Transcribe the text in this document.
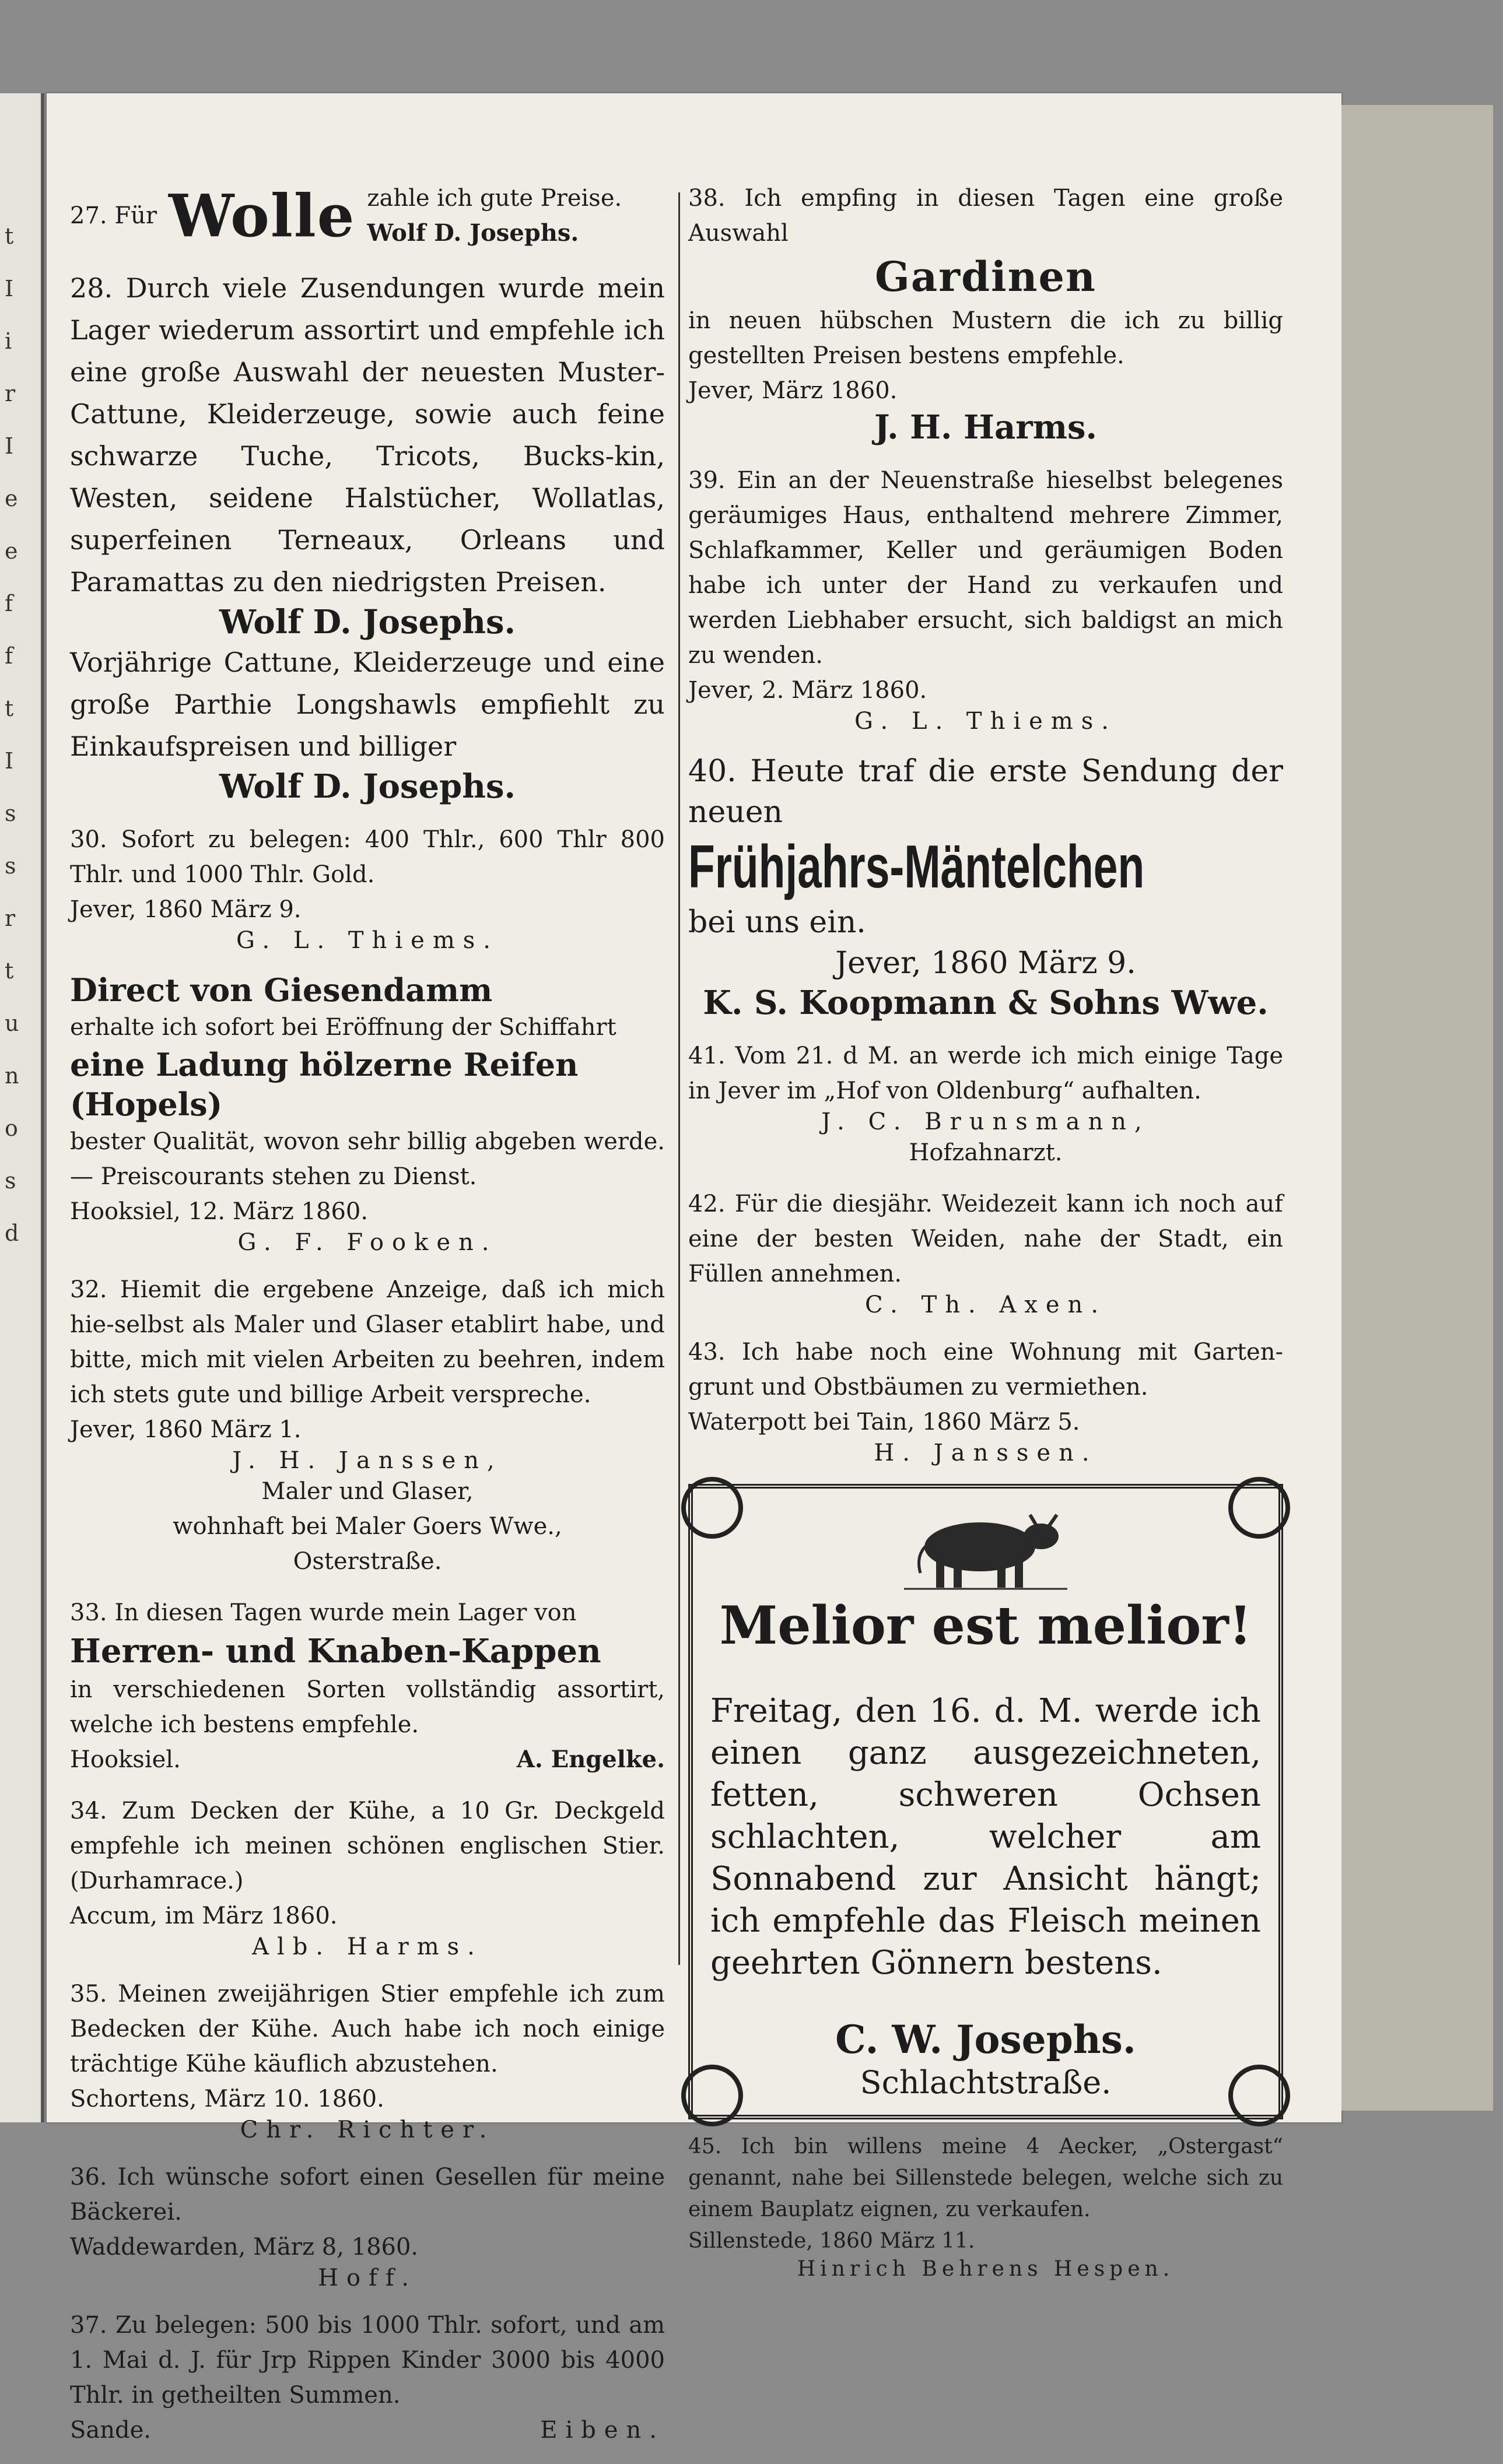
t
I
i
r
I
e
e
f
f
t
I
s
s
r
t
u
n
o
s
d
27. Für Wolle zahle ich gute Preise.
Wolf D. Josephs.

28. Durch viele Zusendungen wurde mein Lager wiederum assortirt und empfehle ich eine große Auswahl der neuesten Muster-Cattune, Kleiderzeuge, sowie auch feine schwarze Tuche, Tricots, Bucks-kin, Westen, seidene Halstücher, Wollatlas, superfeinen Terneaux, Orleans und Paramattas zu den niedrigsten Preisen.

Wolf D. Josephs.

Vorjährige Cattune, Kleiderzeuge und eine große Parthie Longshawls empfiehlt zu Einkaufspreisen und billiger

Wolf D. Josephs.

30. Sofort zu belegen: 400 Thlr., 600 Thlr 800 Thlr. und 1000 Thlr. Gold.

Jever, 1860 März 9.

G. L. Thiems.
Direct von Giesendamm

erhalte ich sofort bei Eröffnung der Schiffahrt

eine Ladung hölzerne Reifen (Hopels)

bester Qualität, wovon sehr billig abgeben werde. — Preiscourants stehen zu Dienst.

Hooksiel, 12. März 1860.

G. F. Fooken.

32. Hiemit die ergebene Anzeige, daß ich mich hie-selbst als Maler und Glaser etablirt habe, und bitte, mich mit vielen Arbeiten zu beehren, indem ich stets gute und billige Arbeit verspreche.

Jever, 1860 März 1.

J. H. Janssen,
Maler und Glaser,
wohnhaft bei Maler Goers Wwe.,
Osterstraße.

33. In diesen Tagen wurde mein Lager von

Herren- und Knaben-Kappen

in verschiedenen Sorten vollständig assortirt, welche ich bestens empfehle.

Hooksiel.	A. Engelke.

34. Zum Decken der Kühe, a 10 Gr. Deckgeld empfehle ich meinen schönen englischen Stier. (Durhamrace.)

Accum, im März 1860.

Alb. Harms.

35. Meinen zweijährigen Stier empfehle ich zum Bedecken der Kühe. Auch habe ich noch einige trächtige Kühe käuflich abzustehen.

Schortens, März 10. 1860.

Chr. Richter.

36. Ich wünsche sofort einen Gesellen für meine Bäckerei.

Waddewarden, März 8, 1860.

Hoff.

37. Zu belegen: 500 bis 1000 Thlr. sofort, und am 1. Mai d. J. für Jrp Rippen Kinder 3000 bis 4000 Thlr. in getheilten Summen.

Sande.	Eiben.

38. Ich empfing in diesen Tagen eine große Auswahl

Gardinen

in neuen hübschen Mustern die ich zu billig gestellten Preisen bestens empfehle.

Jever, März 1860.

J. H. Harms.

39. Ein an der Neuenstraße hieselbst belegenes geräumiges Haus, enthaltend mehrere Zimmer, Schlafkammer, Keller und geräumigen Boden habe ich unter der Hand zu verkaufen und werden Liebhaber ersucht, sich baldigst an mich zu wenden.

Jever, 2. März 1860.

G. L. Thiems.

40. Heute traf die erste Sendung der neuen

Frühjahrs-Mäntelchen

bei uns ein.

Jever, 1860 März 9.

K. S. Koopmann & Sohns Wwe.

41. Vom 21. d M. an werde ich mich einige Tage in Jever im „Hof von Oldenburg“ aufhalten.

J. C. Brunsmann,
Hofzahnarzt.

42. Für die diesjähr. Weidezeit kann ich noch auf eine der besten Weiden, nahe der Stadt, ein Füllen annehmen.

C. Th. Axen.

43. Ich habe noch eine Wohnung mit Garten-grunt und Obstbäumen zu vermiethen.

Waterpott bei Tain, 1860 März 5.

H. Janssen.
Melior est melior!

Freitag, den 16. d. M. werde ich einen ganz ausgezeichneten, fetten, schweren Ochsen schlachten, welcher am Sonnabend zur Ansicht hängt; ich empfehle das Fleisch meinen geehrten Gönnern bestens.

C. W. Josephs.
Schlachtstraße.

45. Ich bin willens meine 4 Aecker, „Ostergast“ genannt, nahe bei Sillenstede belegen, welche sich zu einem Bauplatz eignen, zu verkaufen.

Sillenstede, 1860 März 11.

Hinrich Behrens Hespen.
